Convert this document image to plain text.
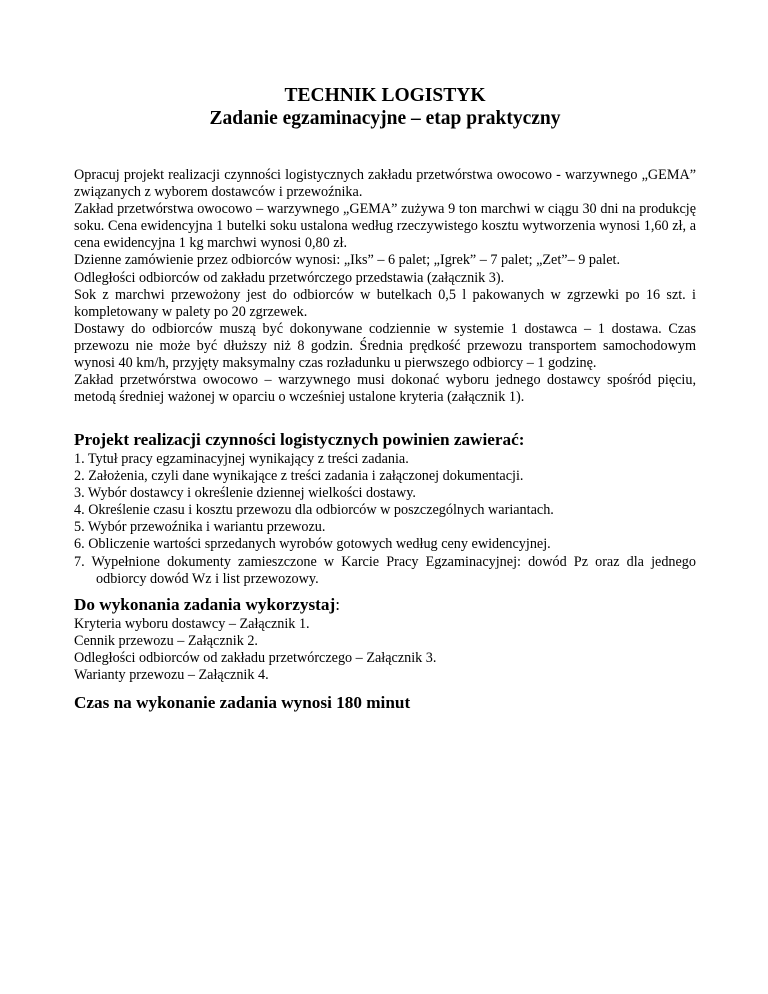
TECHNIK LOGISTYK
Zadanie egzaminacyjne – etap praktyczny

Opracuj projekt realizacji czynności logistycznych zakładu przetwórstwa owocowo - warzywnego „GEMA” związanych z wyborem dostawców i przewoźnika.

Zakład przetwórstwa owocowo – warzywnego „GEMA” zużywa 9 ton marchwi w ciągu 30 dni na produkcję soku. Cena ewidencyjna 1 butelki soku ustalona według rzeczywistego kosztu wytworzenia wynosi 1,60 zł, a cena ewidencyjna 1 kg marchwi wynosi 0,80 zł.

Dzienne zamówienie przez odbiorców wynosi: „Iks” – 6 palet; „Igrek” – 7 palet; „Zet”– 9 palet.

Odległości odbiorców od zakładu przetwórczego przedstawia (załącznik 3).

Sok z marchwi przewożony jest do odbiorców w butelkach 0,5 l pakowanych w zgrzewki po 16 szt. i kompletowany w palety po 20 zgrzewek.

Dostawy do odbiorców muszą być dokonywane codziennie w systemie 1 dostawca – 1 dostawa. Czas przewozu nie może być dłuższy niż 8 godzin. Średnia prędkość przewozu transportem samochodowym wynosi 40 km/h, przyjęty maksymalny czas rozładunku u pierwszego odbiorcy – 1 godzinę.

Zakład przetwórstwa owocowo – warzywnego musi dokonać wyboru jednego dostawcy spośród pięciu, metodą średniej ważonej w oparciu o wcześniej ustalone kryteria (załącznik 1).

Projekt realizacji czynności logistycznych powinien zawierać:
1. Tytuł pracy egzaminacyjnej wynikający z treści zadania.
2. Założenia, czyli dane wynikające z treści zadania i załączonej dokumentacji.
3. Wybór dostawcy i określenie dziennej wielkości dostawy.
4. Określenie czasu i kosztu przewozu dla odbiorców w poszczególnych wariantach.
5. Wybór przewoźnika i wariantu przewozu.
6. Obliczenie wartości sprzedanych wyrobów gotowych według ceny ewidencyjnej.
7. Wypełnione dokumenty zamieszczone w Karcie Pracy Egzaminacyjnej: dowód Pz oraz dla jednego odbiorcy dowód Wz i list przewozowy.
Do wykonania zadania wykorzystaj:
Kryteria wyboru dostawcy – Załącznik 1.
Cennik przewozu – Załącznik 2.
Odległości odbiorców od zakładu przetwórczego – Załącznik 3.
Warianty przewozu – Załącznik 4.
Czas na wykonanie zadania wynosi 180 minut
